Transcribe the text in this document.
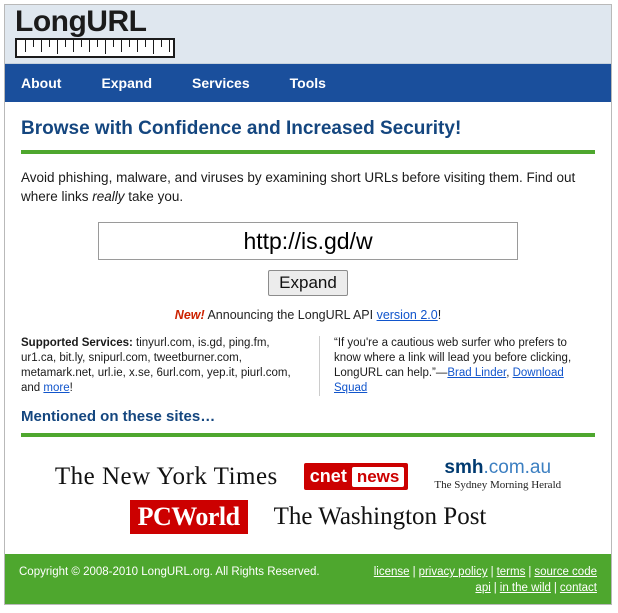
LongURL
About	Expand	Services	Tools
Browse with Confidence and Increased Security!

Avoid phishing, malware, and viruses by examining short URLs before visiting them. Find out where links really take you.

http://is.gd/w
Expand
New! Announcing the LongURL API version 2.0!
Supported Services: tinyurl.com, is.gd, ping.fm, ur1.ca, bit.ly, snipurl.com, tweetburner.com, metamark.net, url.ie, x.se, 6url.com, yep.it, piurl.com, and more!
“If you're a cautious web surfer who prefers to know where a link will lead you before clicking, LongURL can help.”—Brad Linder, Download Squad
Mentioned on these sites…
The New York Times cnet news	smh.com.au
The Sydney Morning Herald
PCWorld	The Washington Post
Copyright © 2008-2010 LongURL.org. All Rights Reserved.	license | privacy policy | terms | source code
api | in the wild | contact
